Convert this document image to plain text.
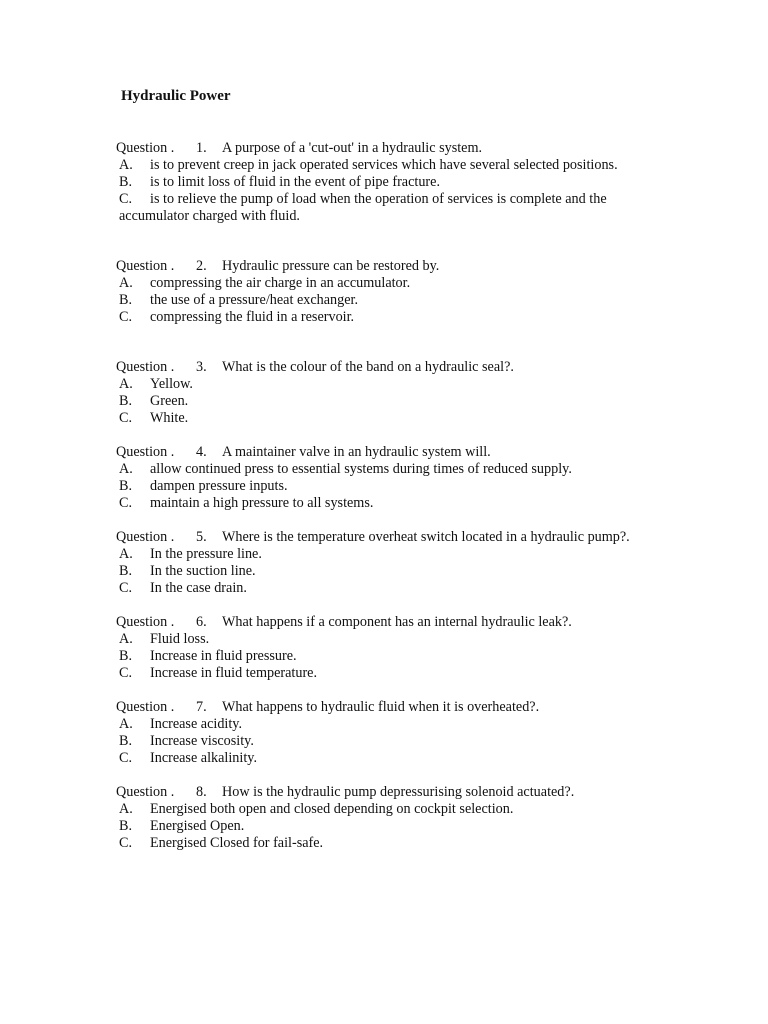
Hydraulic Power
Question . 1. A purpose of a 'cut-out' in a hydraulic system.
A. is to prevent creep in jack operated services which have several selected positions.
B. is to limit loss of fluid in the event of pipe fracture.
C. is to relieve the pump of load when the operation of services is complete and the accumulator charged with fluid.
Question . 2. Hydraulic pressure can be restored by.
A. compressing the air charge in an accumulator.
B. the use of a pressure/heat exchanger.
C. compressing the fluid in a reservoir.
Question . 3. What is the colour of the band on a hydraulic seal?.
A. Yellow.
B. Green.
C. White.
Question . 4. A maintainer valve in an hydraulic system will.
A. allow continued press to essential systems during times of reduced supply.
B. dampen pressure inputs.
C. maintain a high pressure to all systems.
Question . 5. Where is the temperature overheat switch located in a hydraulic pump?.
A. In the pressure line.
B. In the suction line.
C. In the case drain.
Question . 6. What happens if a component has an internal hydraulic leak?.
A. Fluid loss.
B. Increase in fluid pressure.
C. Increase in fluid temperature.
Question . 7. What happens to hydraulic fluid when it is overheated?.
A. Increase acidity.
B. Increase viscosity.
C. Increase alkalinity.
Question . 8. How is the hydraulic pump depressurising solenoid actuated?.
A. Energised both open and closed depending on cockpit selection.
B. Energised Open.
C. Energised Closed for fail-safe.
